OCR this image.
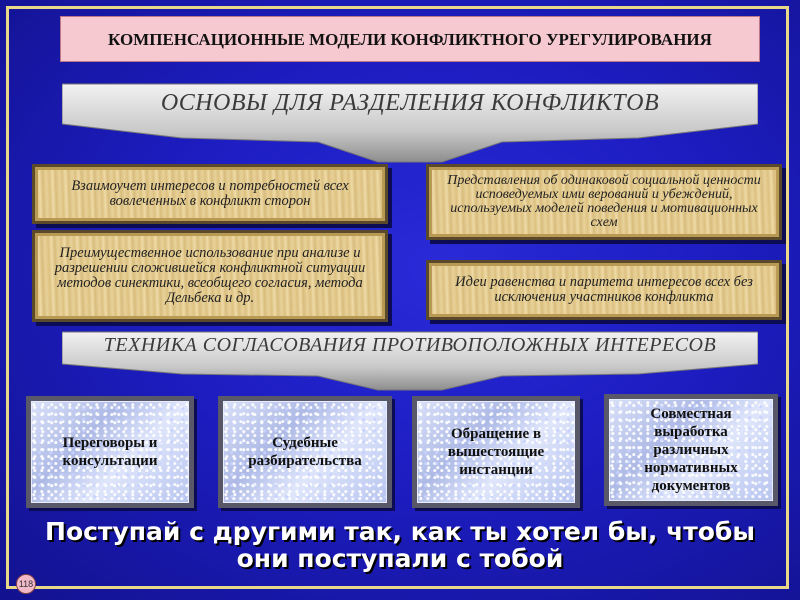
КОМПЕНСАЦИОННЫЕ МОДЕЛИ КОНФЛИКТНОГО УРЕГУЛИРОВАНИЯ
ОСНОВЫ ДЛЯ РАЗДЕЛЕНИЯ КОНФЛИКТОВ
Взаимоучет интересов и потребностей всех вовлеченных в конфликт сторон
Представления об одинаковой социальной ценности исповедуемых ими верований и убеждений, используемых моделей поведения и мотивационных схем
Преимущественное использование при анализе и разрешении сложившейся конфликтной ситуации методов синектики, всеобщего согласия, метода Дельбека и др.
Идеи равенства и паритета интересов всех без исключения участников конфликта
ТЕХНИКА СОГЛАСОВАНИЯ ПРОТИВОПОЛОЖНЫХ ИНТЕРЕСОВ
Переговоры и консультации
Судебные разбирательства
Обращение в вышестоящие инстанции
Совместная выработка различных нормативных документов
Поступай с другими так, как ты хотел бы, чтобы они поступали с тобой
118
